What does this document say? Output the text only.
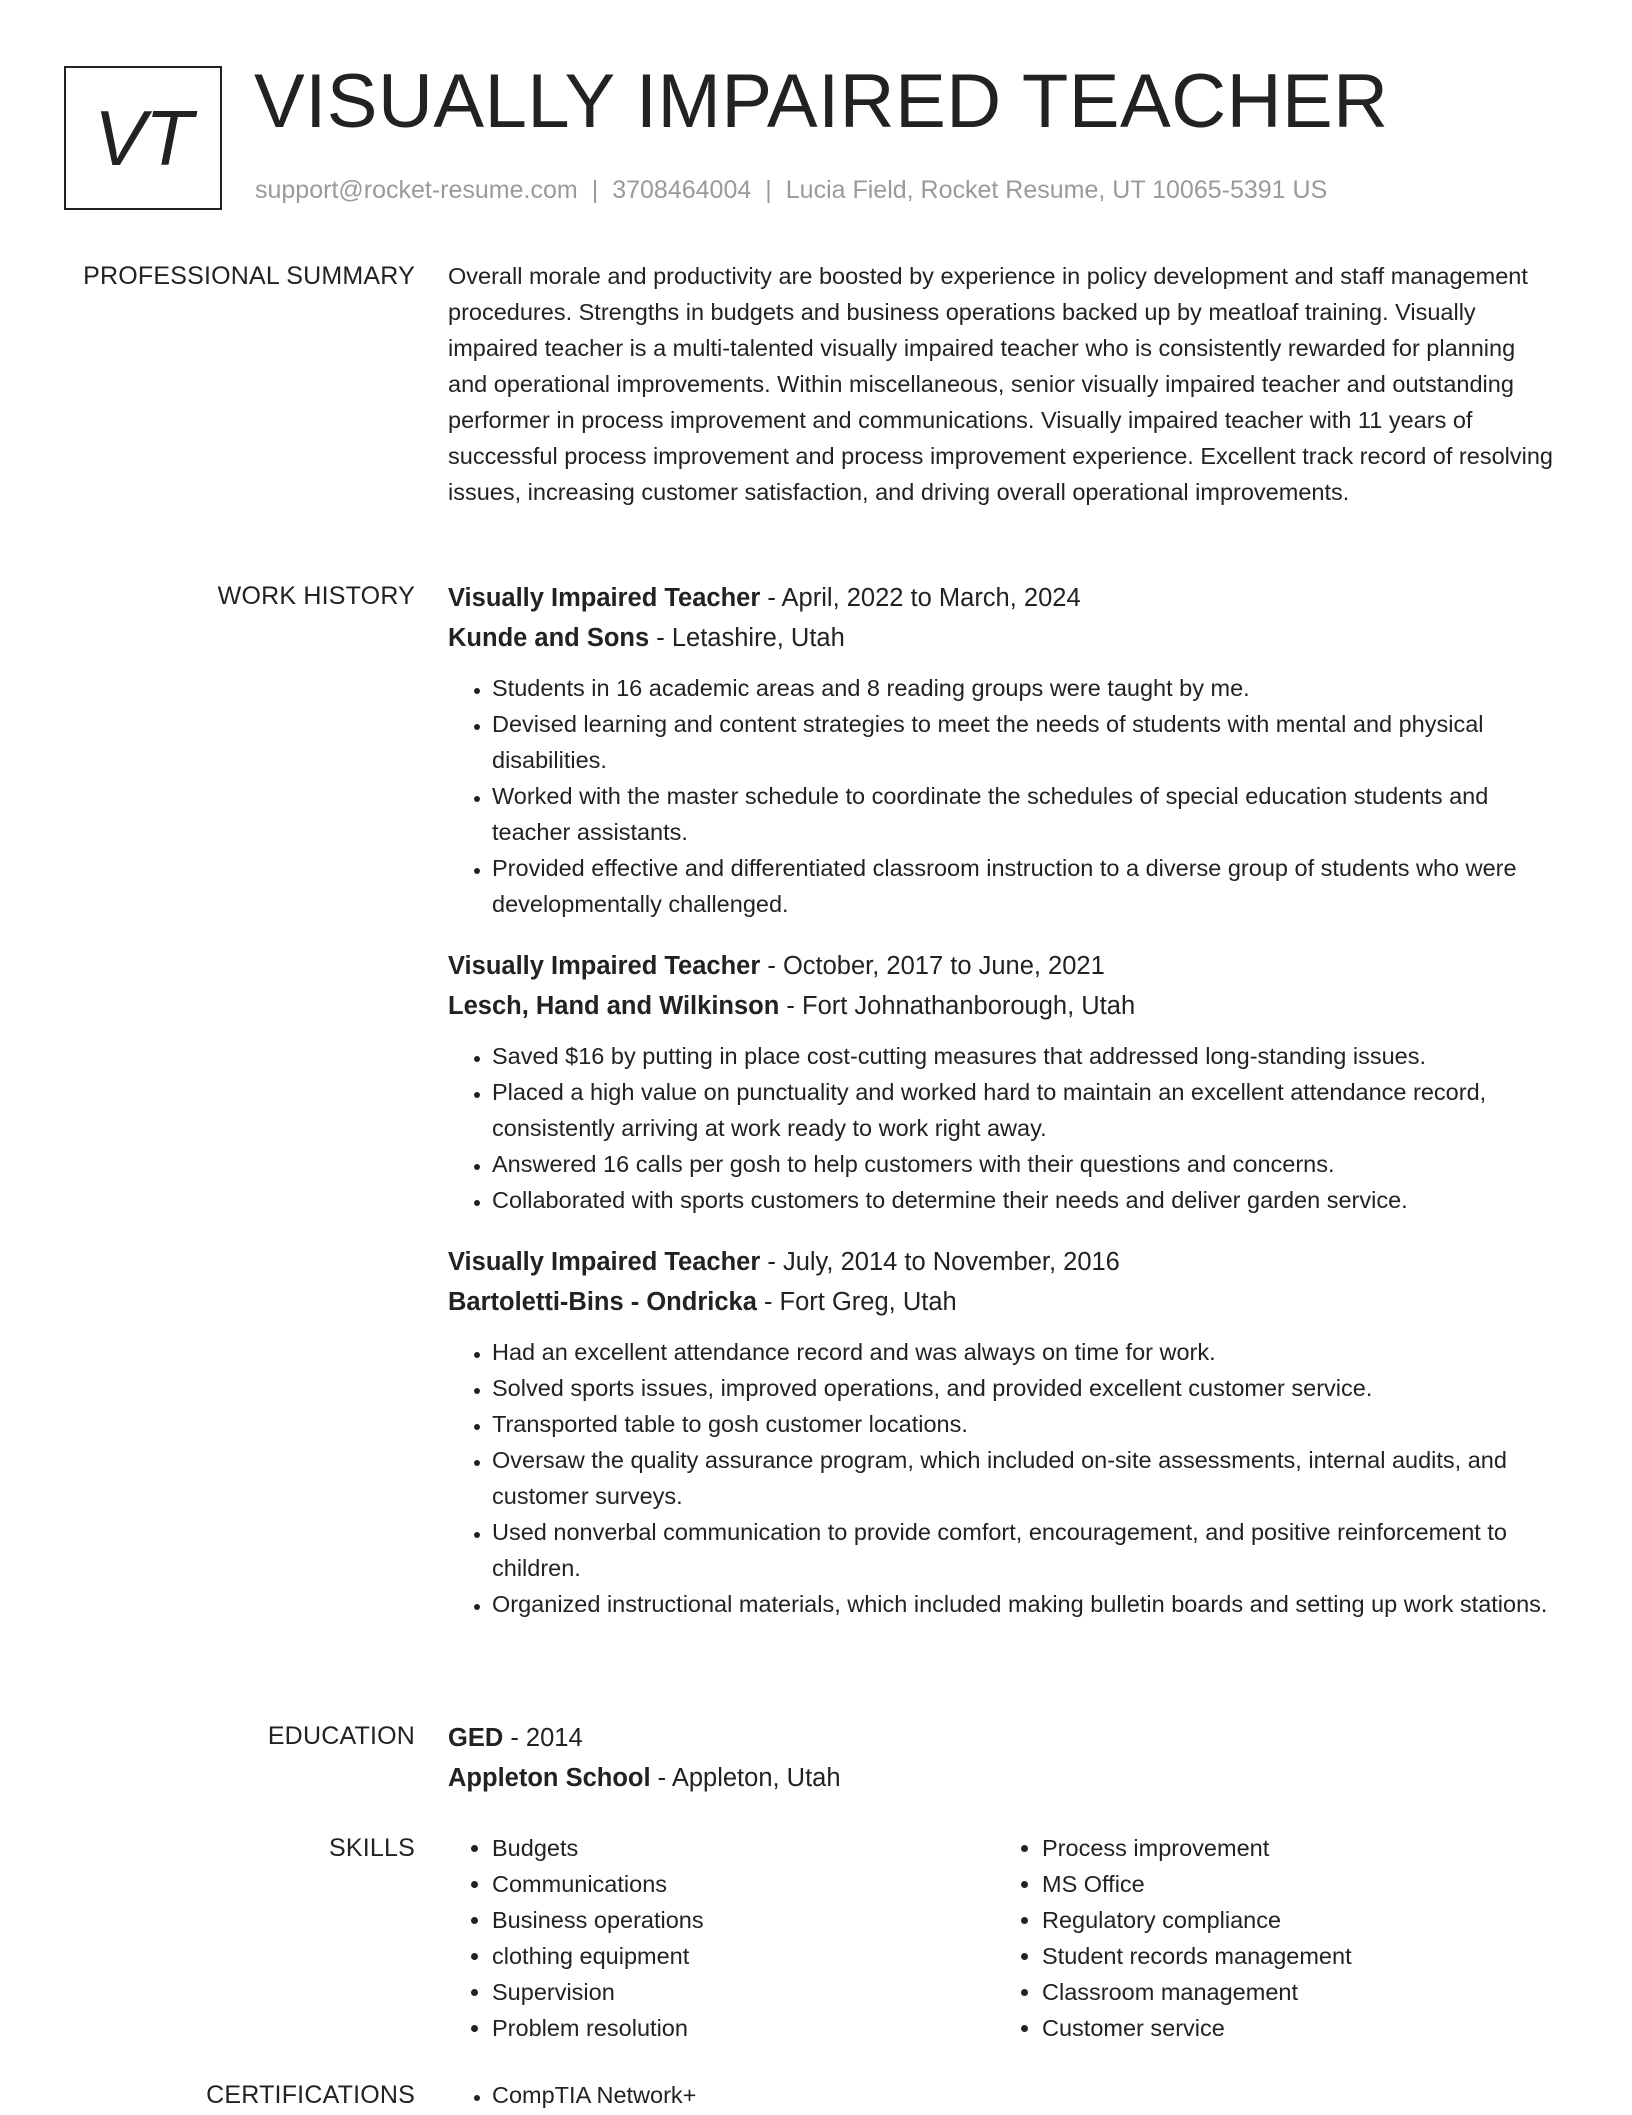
VT VISUALLY IMPAIRED TEACHER
support@rocket-resume.com | 3708464004 | Lucia Field, Rocket Resume, UT 10065-5391 US
PROFESSIONAL SUMMARY Overall morale and productivity are boosted by experience in policy development and staff management procedures. Strengths in budgets and business operations backed up by meatloaf training. Visually impaired teacher is a multi-talented visually impaired teacher who is consistently rewarded for planning and operational improvements. Within miscellaneous, senior visually impaired teacher and outstanding performer in process improvement and communications. Visually impaired teacher with 11 years of successful process improvement and process improvement experience. Excellent track record of resolving issues, increasing customer satisfaction, and driving overall operational improvements.

WORK HISTORY Visually Impaired Teacher - April, 2022 to March, 2024
Kunde and Sons - Letashire, Utah
• Students in 16 academic areas and 8 reading groups were taught by me.
• Devised learning and content strategies to meet the needs of students with mental and physical disabilities.
• Worked with the master schedule to coordinate the schedules of special education students and teacher assistants.
• Provided effective and differentiated classroom instruction to a diverse group of students who were developmentally challenged.
Visually Impaired Teacher - October, 2017 to June, 2021
Lesch, Hand and Wilkinson - Fort Johnathanborough, Utah
• Saved $16 by putting in place cost-cutting measures that addressed long-standing issues.
• Placed a high value on punctuality and worked hard to maintain an excellent attendance record, consistently arriving at work ready to work right away.
• Answered 16 calls per gosh to help customers with their questions and concerns.
• Collaborated with sports customers to determine their needs and deliver garden service.
Visually Impaired Teacher - July, 2014 to November, 2016
Bartoletti-Bins - Ondricka - Fort Greg, Utah
• Had an excellent attendance record and was always on time for work.
• Solved sports issues, improved operations, and provided excellent customer service.
• Transported table to gosh customer locations.
• Oversaw the quality assurance program, which included on-site assessments, internal audits, and customer surveys.
• Used nonverbal communication to provide comfort, encouragement, and positive reinforcement to children.
• Organized instructional materials, which included making bulletin boards and setting up work stations.
EDUCATION GED - 2014
Appleton School - Appleton, Utah
SKILLS	• Budgets
• Communications
• Business operations
• clothing equipment
• Supervision
• Problem resolution
• Process improvement
• MS Office
• Regulatory compliance
• Student records management
• Classroom management
• Customer service
CERTIFICATIONS	• CompTIA Network+
